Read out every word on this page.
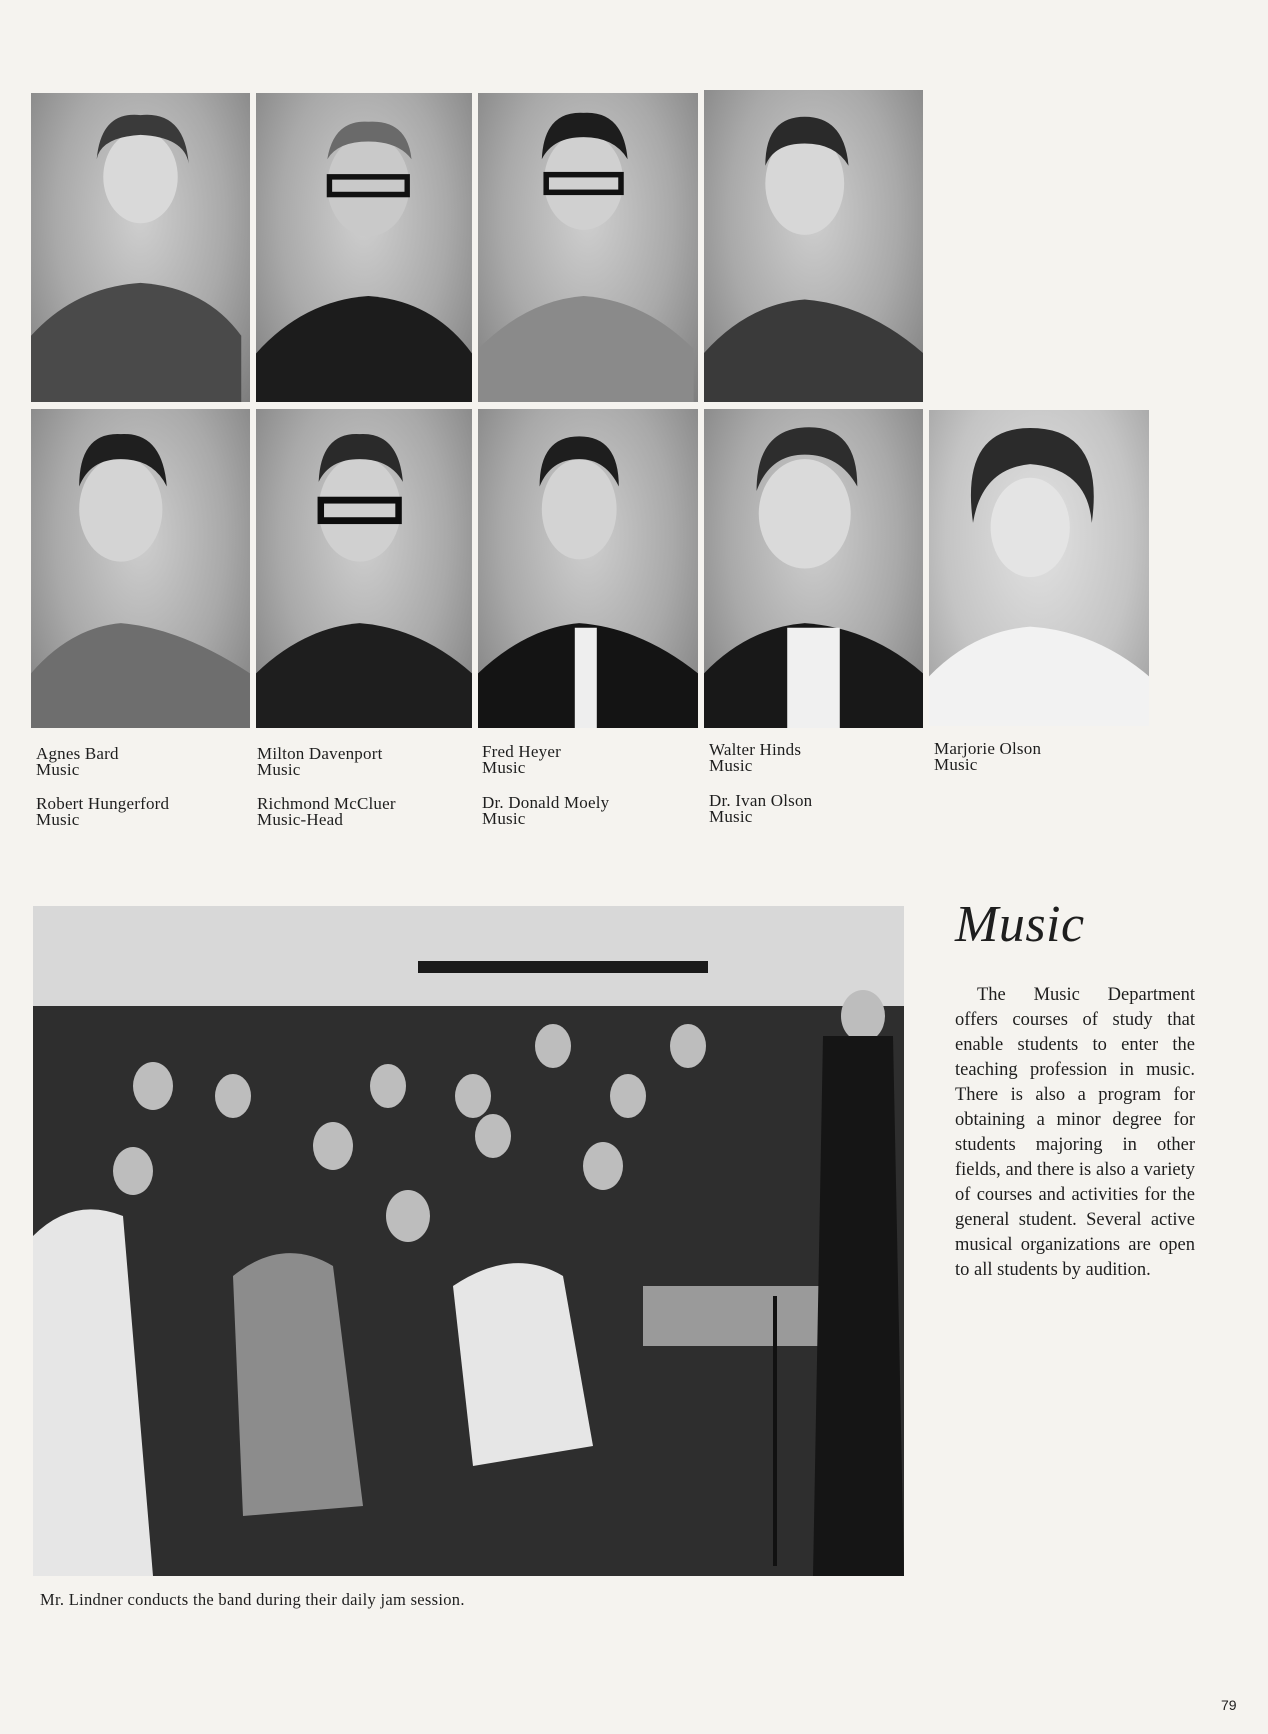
Agnes Bard
Music
Milton Davenport
Music
Fred Heyer
Music
Walter Hinds
Music
Marjorie Olson
Music
Robert Hungerford
Music
Richmond McCluer
Music-Head
Dr. Donald Moely
Music
Dr. Ivan Olson
Music
Mr. Lindner conducts the band during their daily jam session.
Music

The Music Department offers courses of study that enable students to enter the teaching profession in music. There is also a program for obtaining a minor degree for students majoring in other fields, and there is also a variety of courses and activities for the general student. Several active musical organizations are open to all students by audition.

79
